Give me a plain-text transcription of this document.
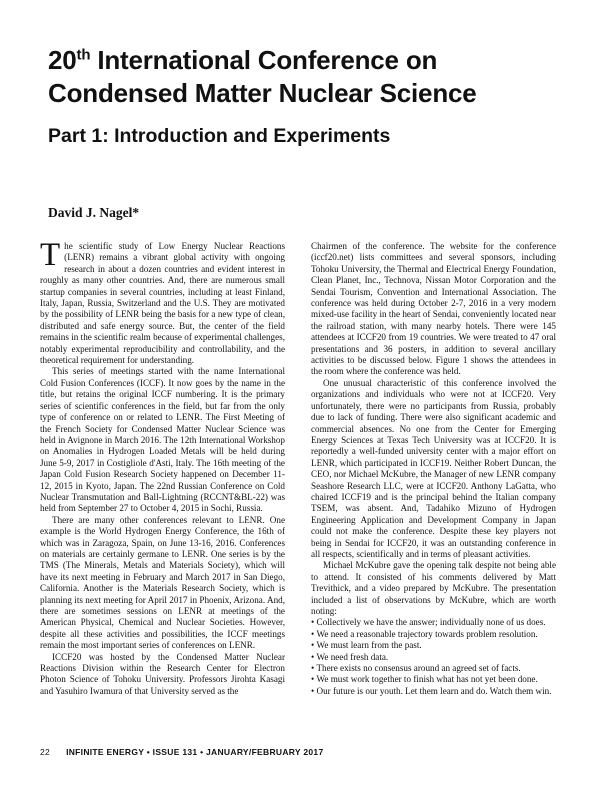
20th International Conference on
Condensed Matter Nuclear Science
Part 1: Introduction and Experiments

David J. Nagel*

The scientific study of Low Energy Nuclear Reactions (LENR) remains a vibrant global activity with ongoing research in about a dozen countries and evident interest in roughly as many other countries. And, there are numerous small startup companies in several countries, including at least Finland, Italy, Japan, Russia, Switzerland and the U.S. They are motivated by the possibility of LENR being the basis for a new type of clean, distributed and safe energy source. But, the center of the field remains in the scientific realm because of experimental challenges, notably experimental reproducibility and controllability, and the theoretical requirement for understanding.

This series of meetings started with the name International Cold Fusion Conferences (ICCF). It now goes by the name in the title, but retains the original ICCF numbering. It is the primary series of scientific conferences in the field, but far from the only type of conference on or related to LENR. The First Meeting of the French Society for Condensed Matter Nuclear Science was held in Avignone in March 2016. The 12th International Workshop on Anomalies in Hydrogen Loaded Metals will be held during June 5-9, 2017 in Costigliole d'Asti, Italy. The 16th meeting of the Japan Cold Fusion Research Society happened on December 11-12, 2015 in Kyoto, Japan. The 22nd Russian Conference on Cold Nuclear Transmutation and Ball-Lightning (RCCNT&BL-22) was held from September 27 to October 4, 2015 in Sochi, Russia.

There are many other conferences relevant to LENR. One example is the World Hydrogen Energy Conference, the 16th of which was in Zaragoza, Spain, on June 13-16, 2016. Conferences on materials are certainly germane to LENR. One series is by the TMS (The Minerals, Metals and Materials Society), which will have its next meeting in February and March 2017 in San Diego, California. Another is the Materials Research Society, which is planning its next meeting for April 2017 in Phoenix, Arizona. And, there are sometimes sessions on LENR at meetings of the American Physical, Chemical and Nuclear Societies. However, despite all these activities and possibilities, the ICCF meetings remain the most important series of conferences on LENR.

ICCF20 was hosted by the Condensed Matter Nuclear Reactions Division within the Research Center for Electron Photon Science of Tohoku University. Professors Jirohta Kasagi and Yasuhiro Iwamura of that University served as the

Chairmen of the conference. The website for the conference (iccf20.net) lists committees and several sponsors, including Tohoku University, the Thermal and Electrical Energy Foundation, Clean Planet, Inc., Technova, Nissan Motor Corporation and the Sendai Tourism, Convention and International Association. The conference was held during October 2-7, 2016 in a very modern mixed-use facility in the heart of Sendai, conveniently located near the railroad station, with many nearby hotels. There were 145 attendees at ICCF20 from 19 countries. We were treated to 47 oral presentations and 36 posters, in addition to several ancillary activities to be discussed below. Figure 1 shows the attendees in the room where the conference was held.

One unusual characteristic of this conference involved the organizations and individuals who were not at ICCF20. Very unfortunately, there were no participants from Russia, probably due to lack of funding. There were also significant academic and commercial absences. No one from the Center for Emerging Energy Sciences at Texas Tech University was at ICCF20. It is reportedly a well-funded university center with a major effort on LENR, which participated in ICCF19. Neither Robert Duncan, the CEO, nor Michael McKubre, the Manager of new LENR company Seashore Research LLC, were at ICCF20. Anthony LaGatta, who chaired ICCF19 and is the principal behind the Italian company TSEM, was absent. And, Tadahiko Mizuno of Hydrogen Engineering Application and Development Company in Japan could not make the conference. Despite these key players not being in Sendai for ICCF20, it was an outstanding conference in all respects, scientifically and in terms of pleasant activities.

Michael McKubre gave the opening talk despite not being able to attend. It consisted of his comments delivered by Matt Trevithick, and a video prepared by McKubre. The presentation included a list of observations by McKubre, which are worth noting:

• Collectively we have the answer; individually none of us does.
• We need a reasonable trajectory towards problem resolution.
• We must learn from the past.
• We need fresh data.
• There exists no consensus around an agreed set of facts.
• We must work together to finish what has not yet been done.
• Our future is our youth. Let them learn and do. Watch them win.
22 INFINITE ENERGY • ISSUE 131 • JANUARY/FEBRUARY 2017
